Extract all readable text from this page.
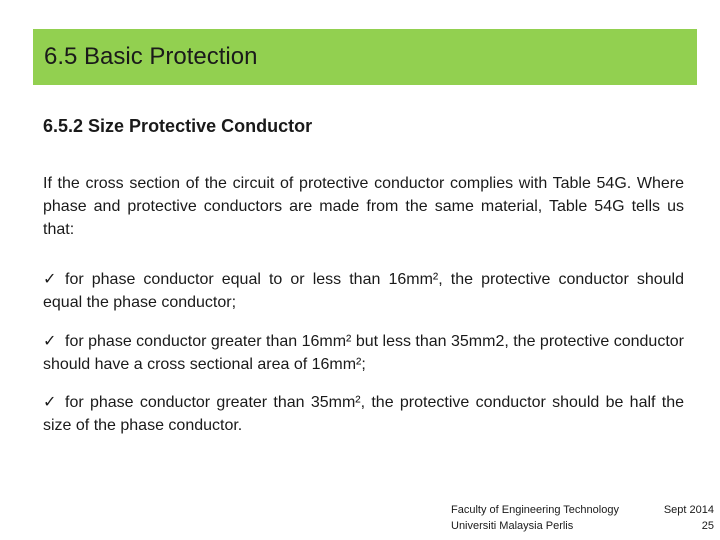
6.5 Basic Protection
6.5.2 Size Protective Conductor

If the cross section of the circuit of protective conductor complies with Table 54G. Where phase and protective conductors are made from the same material, Table 54G tells us that:

✓ for phase conductor equal to or less than 16mm², the protective conductor should equal the phase conductor;

✓ for phase conductor greater than 16mm² but less than 35mm2, the protective conductor should have a cross sectional area of 16mm²;

✓ for phase conductor greater than 35mm², the protective conductor should be half the size of the phase conductor.

Faculty of Engineering Technology	Sept 2014
Universiti Malaysia Perlis	25
